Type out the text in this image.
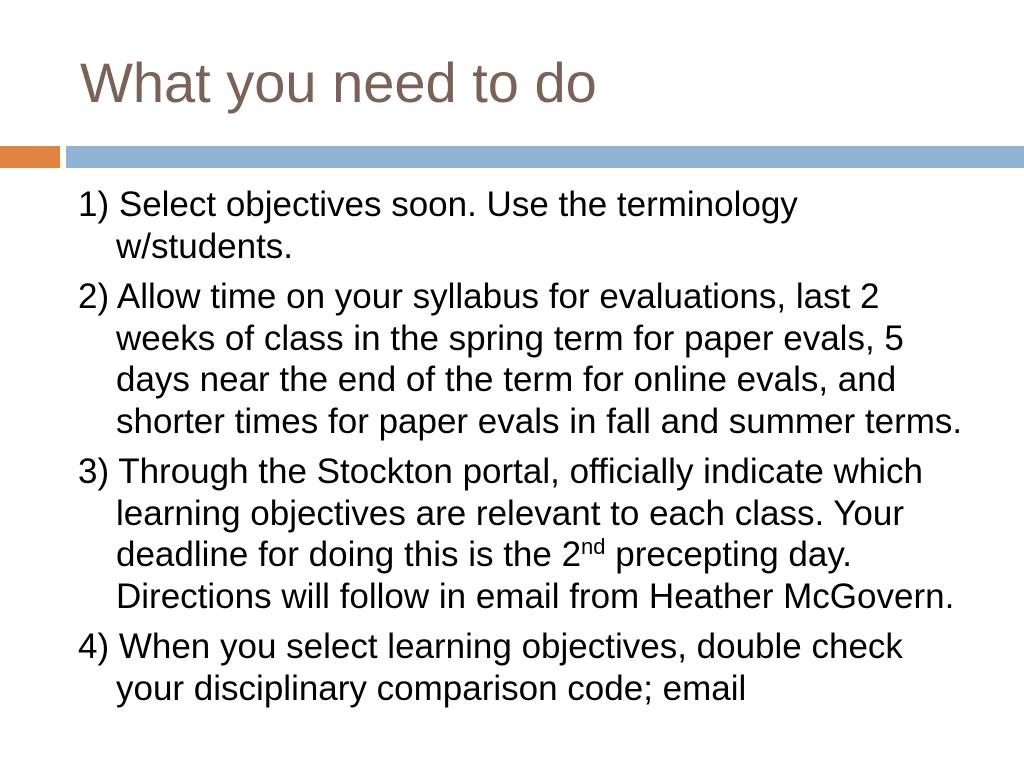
What you need to do

1) Select objectives soon. Use the terminology w/students.

2) Allow time on your syllabus for evaluations, last 2 weeks of class in the spring term for paper evals, 5 days near the end of the term for online evals, and shorter times for paper evals in fall and summer terms.

3) Through the Stockton portal, officially indicate which learning objectives are relevant to each class. Your deadline for doing this is the 2nd precepting day. Directions will follow in email from Heather McGovern.

4) When you select learning objectives, double check your disciplinary comparison code; email
